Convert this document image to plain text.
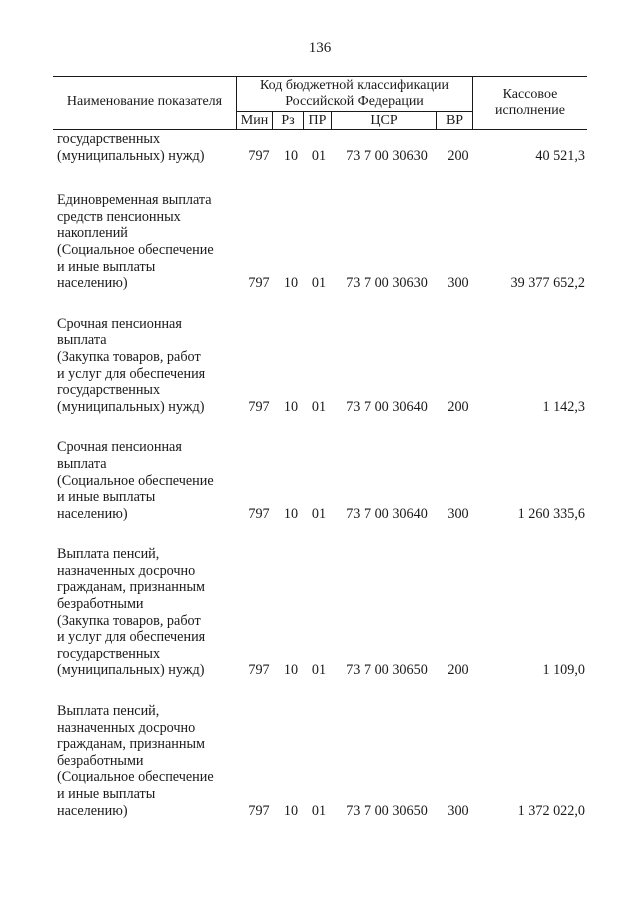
136
Наименование показателя
Код бюджетной классификации
Российской Федерации
Мин Рз ПР	ЦСР	ВР
Кассовое
исполнение
государственных
(муниципальных) нужд)	797	10 01	73 7 00 30630	200	40 521,3
Единовременная выплата
средств пенсионных
накоплений
(Социальное обеспечение
и иные выплаты
населению)	797	10 01	73 7 00 30630	300	39 377 652,2
Срочная пенсионная
выплата
(Закупка товаров, работ
и услуг для обеспечения
государственных
(муниципальных) нужд)	797	10 01	73 7 00 30640	200	1 142,3
Срочная пенсионная
выплата
(Социальное обеспечение
и иные выплаты
населению)	797	10 01	73 7 00 30640	300	1 260 335,6
Выплата пенсий,
назначенных досрочно
гражданам, признанным
безработными
(Закупка товаров, работ
и услуг для обеспечения
государственных
(муниципальных) нужд)	797	10 01	73 7 00 30650	200	1 109,0
Выплата пенсий,
назначенных досрочно
гражданам, признанным
безработными
(Социальное обеспечение
и иные выплаты
населению)	797	10 01	73 7 00 30650	300	1 372 022,0
